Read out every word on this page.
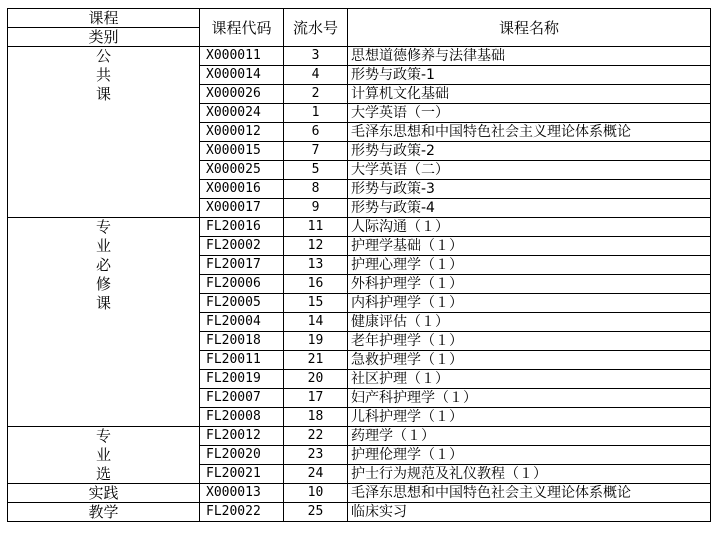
课程	课程代码	流水号	课程名称
类别			
公	X000011	3	思想道德修养与法律基础
共	X000014	4	形势与政策-1
课	X000026	2	计算机文化基础
	X000024	1	大学英语（一）
	X000012	6	毛泽东思想和中国特色社会主义理论体系概论
	X000015	7	形势与政策-2
	X000025	5	大学英语（二）
	X000016	8	形势与政策-3
	X000017	9	形势与政策-4
专	FL20016	11	人际沟通（１）
业	FL20002	12	护理学基础（１）
必	FL20017	13	护理心理学（１）
修	FL20006	16	外科护理学（１）
课	FL20005	15	内科护理学（１）
	FL20004	14	健康评估（１）
	FL20018	19	老年护理学（１）
	FL20011	21	急救护理学（１）
	FL20019	20	社区护理（１）
	FL20007	17	妇产科护理学（１）
	FL20008	18	儿科护理学（１）
专	FL20012	22	药理学（１）
业	FL20020	23	护理伦理学（１）
选	FL20021	24	护士行为规范及礼仪教程（１）
实践	X000013	10	毛泽东思想和中国特色社会主义理论体系概论
教学	FL20022	25	临床实习
